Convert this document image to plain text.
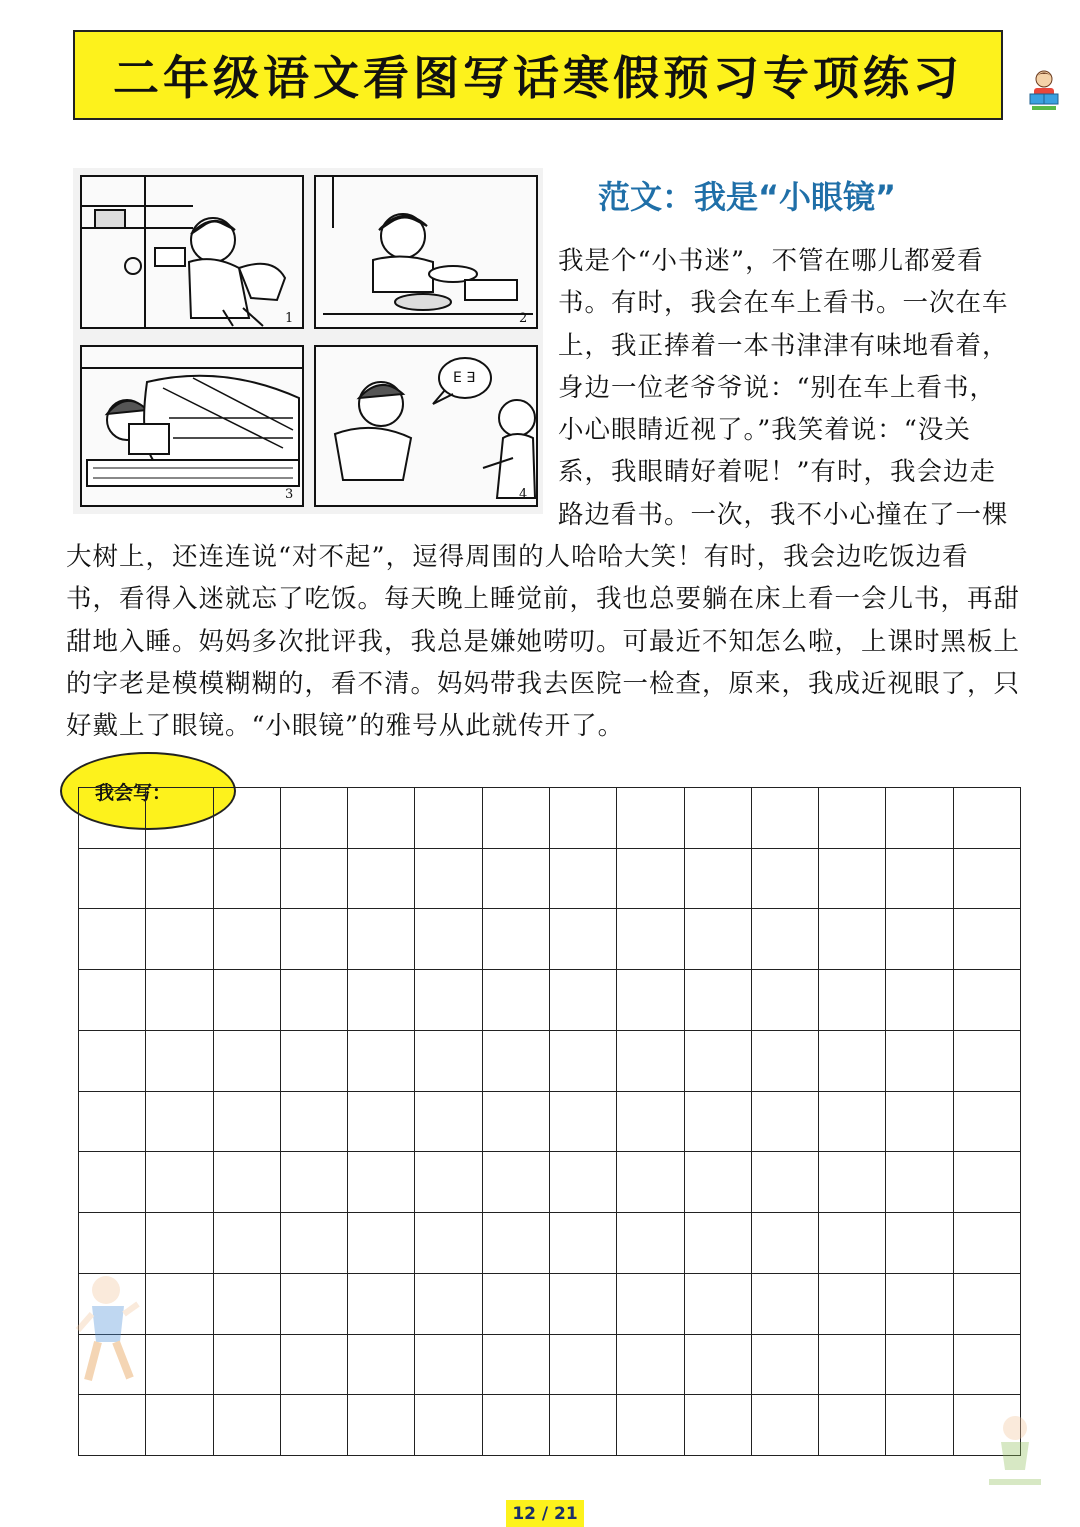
二年级语文看图写话寒假预习专项练习
1	2
3
E ∃
4
范文：我是“小眼镜”
我是个“小书迷”，不管在哪儿都爱看书。有时，我会在车上看书。一次在车上，我正捧着一本书津津有味地看着，身边一位老爷爷说：“别在车上看书，小心眼睛近视了。”我笑着说：“没关系，我眼睛好着呢！”有时，我会边走路边看书。一次，我不小心撞在了一棵大树上，还连连说“对不起”，逗得周围的人哈哈大笑！有时，我会边吃饭边看书，看得入迷就忘了吃饭。每天晚上睡觉前，我也总要躺在床上看一会儿书，再甜甜地入睡。妈妈多次批评我，我总是嫌她唠叨。可最近不知怎么啦，上课时黑板上的字老是模模糊糊的，看不清。妈妈带我去医院一检查，原来，我成近视眼了，只好戴上了眼镜。“小眼镜”的雅号从此就传开了。
我会写：
12 / 21
